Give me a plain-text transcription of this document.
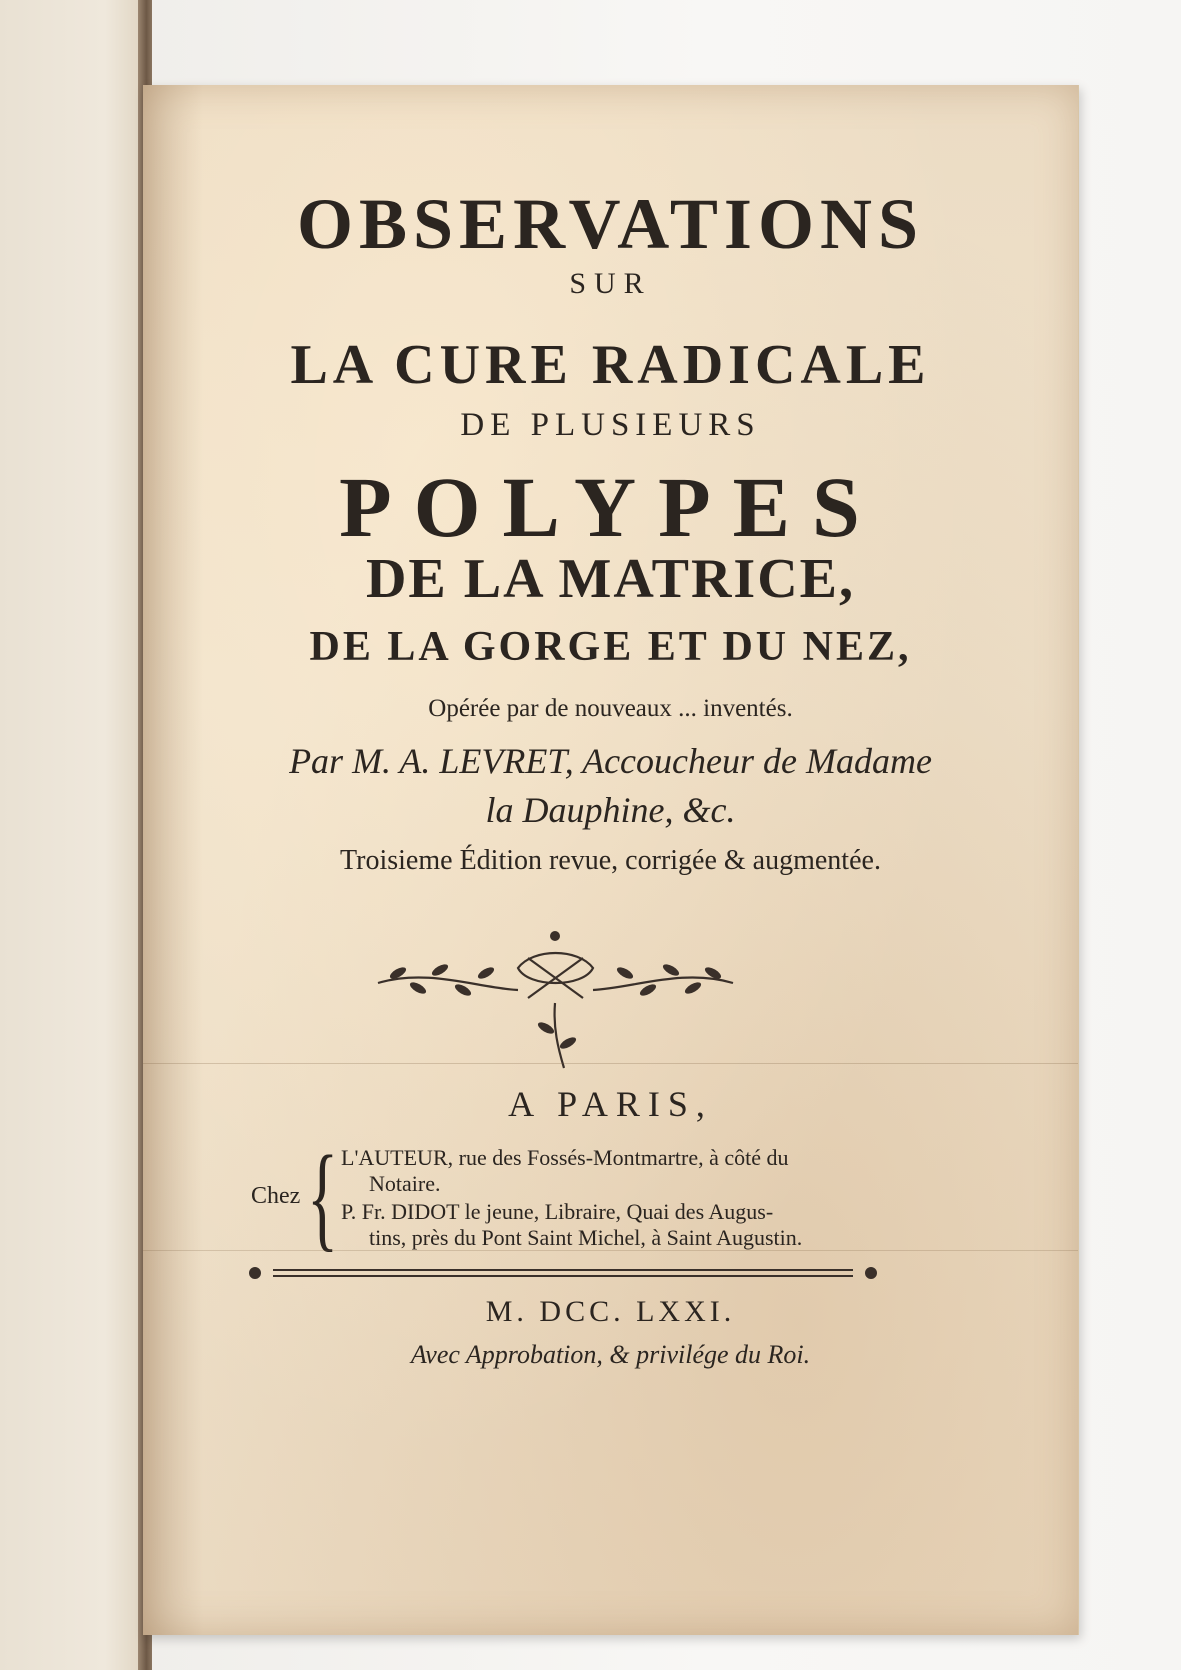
OBSERVATIONS
SUR
LA CURE RADICALE
DE PLUSIEURS
POLYPES
DE LA MATRICE,
DE LA GORGE ET DU NEZ,
Opérée par de nouveaux ... inventés.
Par M. A. LEVRET, Accoucheur de Madame
la Dauphine, &c.
Troisieme Édition revue, corrigée & augmentée.
A PARIS,
Chez { L'AUTEUR, rue des Fossés-Montmartre, à côté du
Notaire.
P. Fr. DIDOT le jeune, Libraire, Quai des Augus-
tins, près du Pont Saint Michel, à Saint Augustin.
M. DCC. LXXI.
Avec Approbation, & privilége du Roi.
